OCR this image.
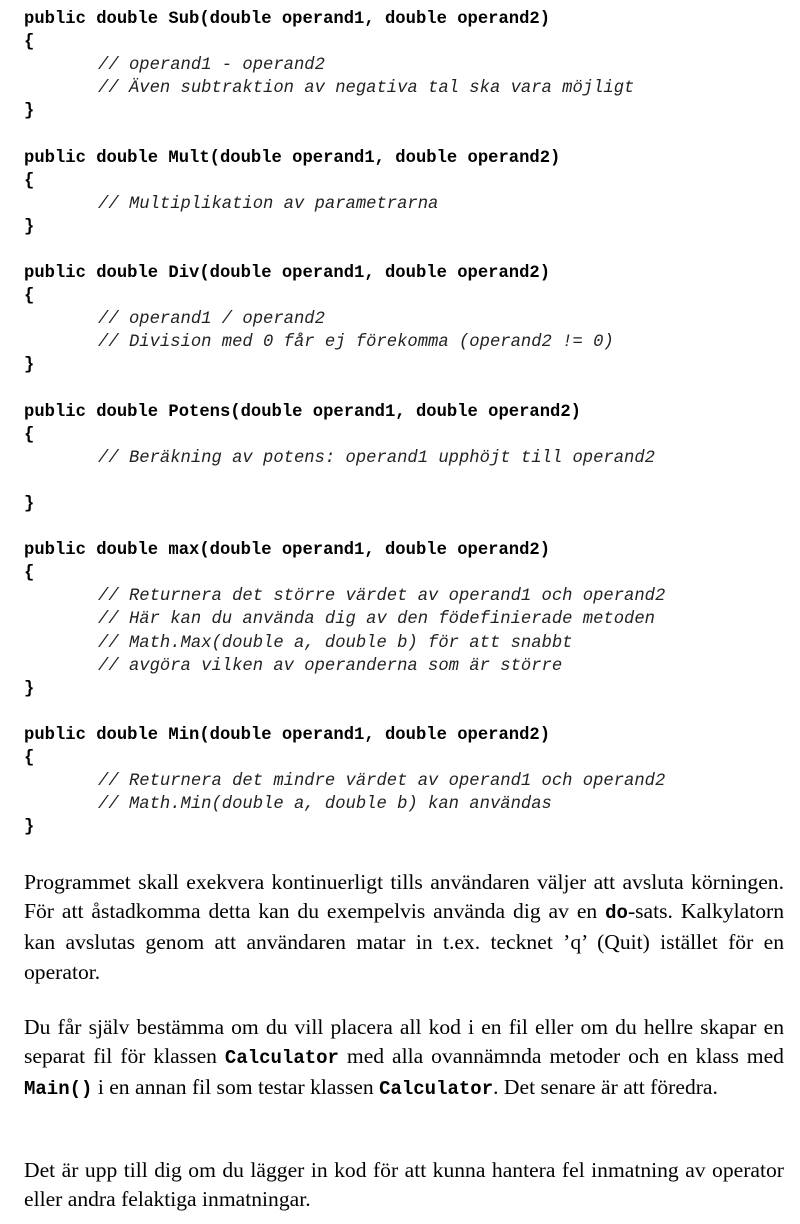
public double Sub(double operand1, double operand2)
{
// operand1 - operand2
// Även subtraktion av negativa tal ska vara möjligt
}
public double Mult(double operand1, double operand2)
{
// Multiplikation av parametrarna
}
public double Div(double operand1, double operand2)
{
// operand1 / operand2
// Division med 0 får ej förekomma (operand2 != 0)
}
public double Potens(double operand1, double operand2)
{
// Beräkning av potens: operand1 upphöjt till operand2
}
public double max(double operand1, double operand2)
{
// Returnera det större värdet av operand1 och operand2
// Här kan du använda dig av den födefinierade metoden
// Math.Max(double a, double b) för att snabbt
// avgöra vilken av operanderna som är större
}
public double Min(double operand1, double operand2)
{
// Returnera det mindre värdet av operand1 och operand2
// Math.Min(double a, double b) kan användas
}

Programmet skall exekvera kontinuerligt tills användaren väljer att avsluta körningen. För att åstadkomma detta kan du exempelvis använda dig av en do-sats. Kalkylatorn kan avslutas genom att användaren matar in t.ex. tecknet ’q’ (Quit) istället för en operator.

Du får själv bestämma om du vill placera all kod i en fil eller om du hellre skapar en separat fil för klassen Calculator med alla ovannämnda metoder och en klass med Main() i en annan fil som testar klassen Calculator. Det senare är att föredra.

Det är upp till dig om du lägger in kod för att kunna hantera fel inmatning av operator eller andra felaktiga inmatningar.
